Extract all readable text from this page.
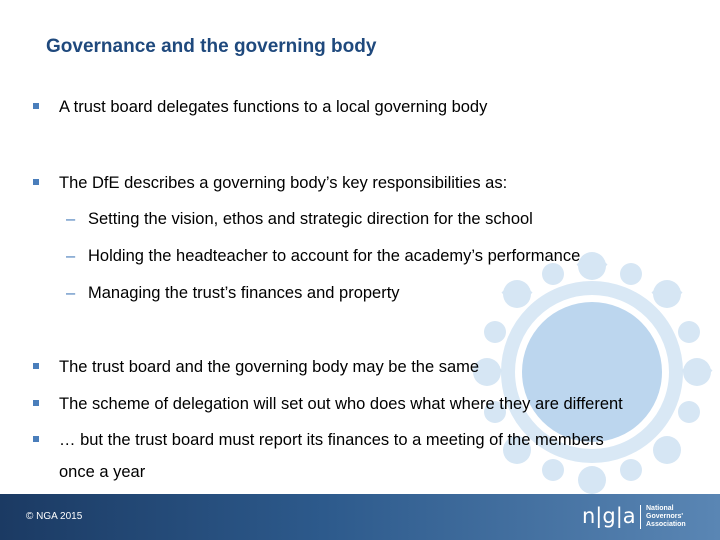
Governance and the governing body
A trust board delegates functions to a local governing body
The DfE describes a governing body’s key responsibilities as:
– Setting the vision, ethos and strategic direction for the school
– Holding the headteacher to account for the academy’s performance
– Managing the trust’s finances and property
The trust board and the governing body may be the same
The scheme of delegation will set out who does what where they are different
… but the trust board must report its finances to a meeting of the members
once a year
© NGA 2015	n|g|a National
Governors'
Association
